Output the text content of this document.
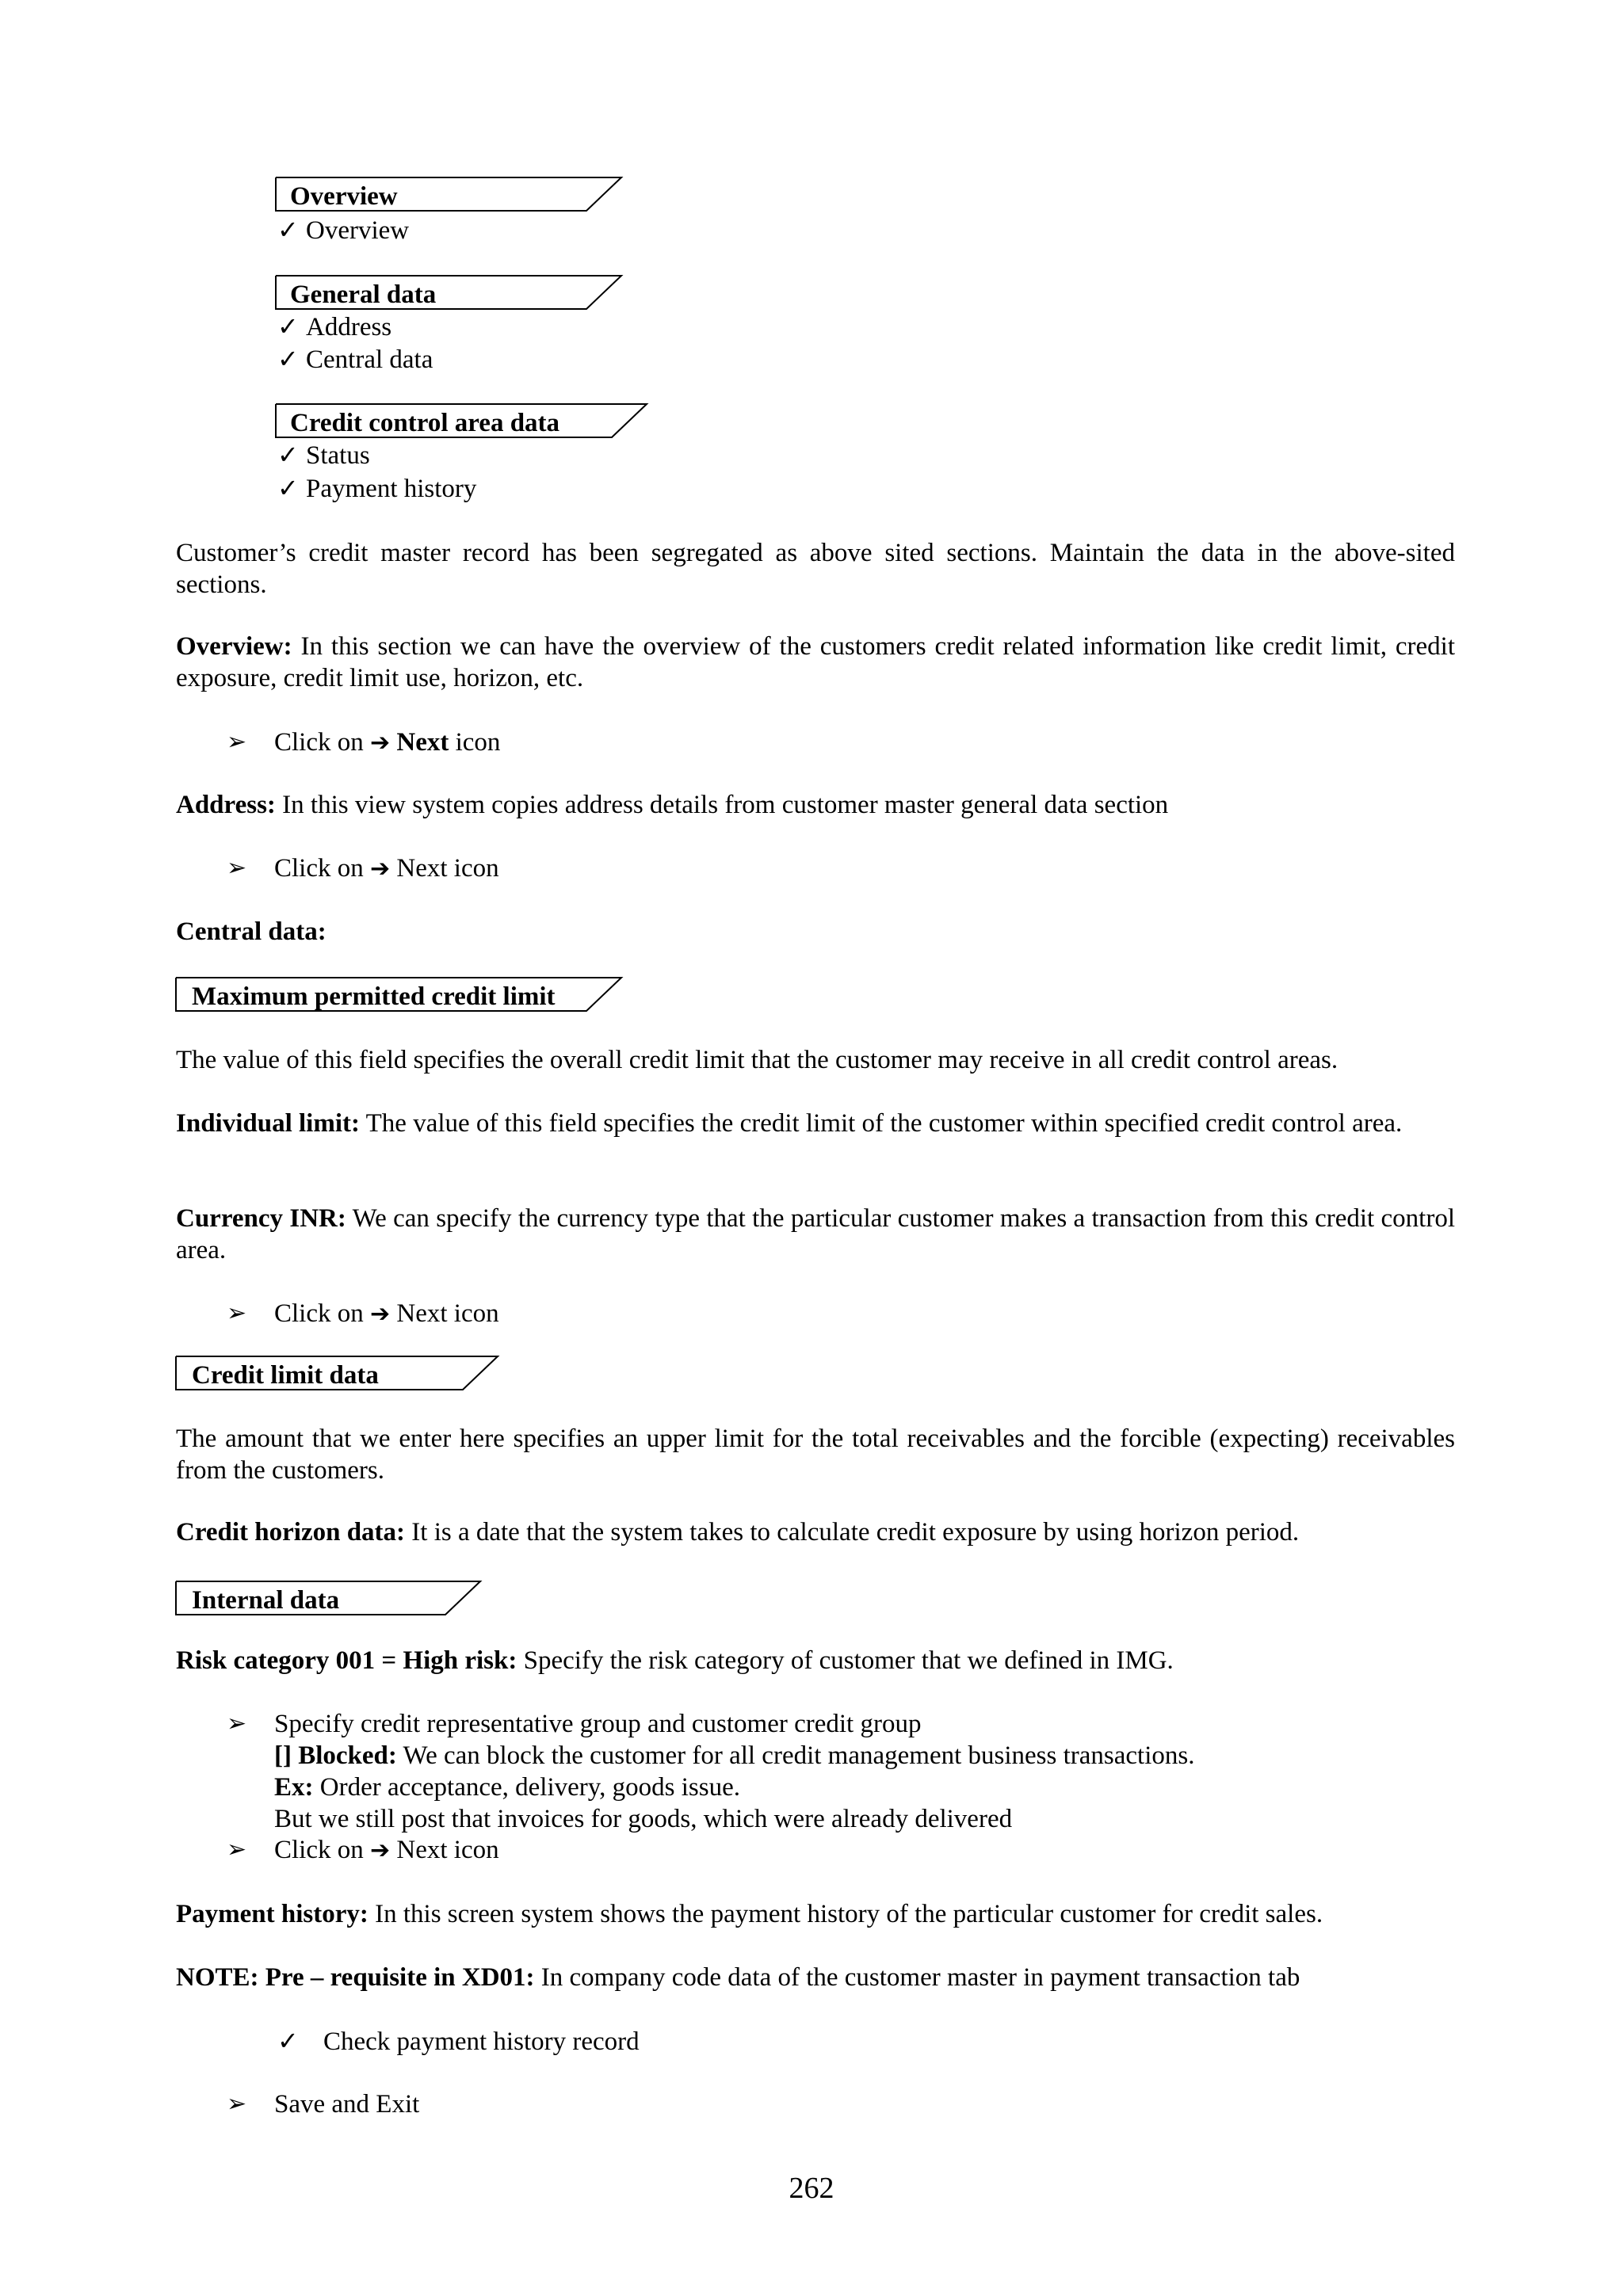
Overview
✓ Overview
General data
✓ Address
✓ Central data
Credit control area data
✓ Status
✓ Payment history
Customer’s credit master record has been segregated as above sited sections. Maintain the data in the above-sited sections.
Overview: In this section we can have the overview of the customers credit related information like credit limit, credit exposure, credit limit use, horizon, etc.
➢ Click on ➔ Next icon
Address: In this view system copies address details from customer master general data section
➢ Click on ➔ Next icon
Central data:
Maximum permitted credit limit
The value of this field specifies the overall credit limit that the customer may receive in all credit control areas.
Individual limit: The value of this field specifies the credit limit of the customer within specified credit control area.
Currency INR: We can specify the currency type that the particular customer makes a transaction from this credit control area.
➢ Click on ➔ Next icon
Credit limit data
The amount that we enter here specifies an upper limit for the total receivables and the forcible (expecting) receivables from the customers.
Credit horizon data: It is a date that the system takes to calculate credit exposure by using horizon period.
Internal data
Risk category 001 = High risk: Specify the risk category of customer that we defined in IMG.
➢ Specify credit representative group and customer credit group
[] Blocked: We can block the customer for all credit management business transactions.
Ex: Order acceptance, delivery, goods issue.
But we still post that invoices for goods, which were already delivered
➢ Click on ➔ Next icon
Payment history: In this screen system shows the payment history of the particular customer for credit sales.
NOTE: Pre – requisite in XD01: In company code data of the customer master in payment transaction tab
✓ Check payment history record
➢ Save and Exit
262
